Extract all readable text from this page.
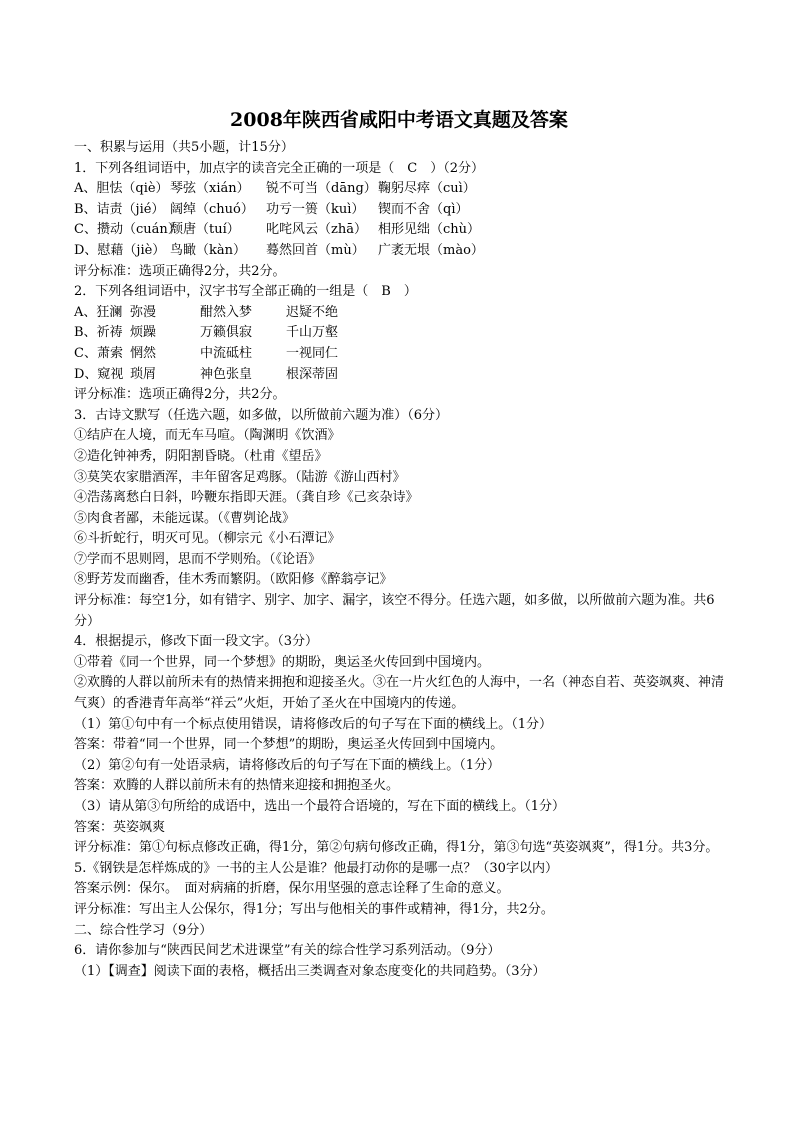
2008年陕西省咸阳中考语文真题及答案
一、积累与运用（共5小题，计15分）
1．下列各组词语中，加点字的读音完全正确的一项是（　C　）（2分）
A、胆怯（qiè）琴弦（xián） 锐不可当（dāng）鞠躬尽瘁（cuì）
B、诘责（jié） 阔绰（chuó） 功亏一篑（kuì） 锲而不舍（qì）
C、攒动（cuán）颓唐（tuí） 叱咤风云（zhā） 相形见绌（chù）
D、慰藉（jiè） 鸟瞰（kàn） 蓦然回首（mù） 广袤无垠（mào）
评分标准：选项正确得2分，共2分。
2．下列各组词语中，汉字书写全部正确的一组是（　B　）
A、狂澜 弥漫	酣然入梦	迟疑不绝
B、祈祷 烦躁	万籁俱寂	千山万壑
C、萧索 惘然	中流砥柱	一视同仁
D、窥视 琐屑	神色张皇	根深蒂固
评分标准：选项正确得2分，共2分。
3．古诗文默写（任选六题，如多做，以所做前六题为准）（6分）
①结庐在人境，而无车马喧。（陶渊明《饮酒》
②造化钟神秀，阴阳割昏晓。（杜甫《望岳》
③莫笑农家腊酒浑，丰年留客足鸡豚。（陆游《游山西村》
④浩荡离愁白日斜，吟鞭东指即天涯。（龚自珍《己亥杂诗》
⑤肉食者鄙，未能远谋。（《曹刿论战》
⑥斗折蛇行，明灭可见。（柳宗元《小石潭记》
⑦学而不思则罔，思而不学则殆。（《论语》
⑧野芳发而幽香，佳木秀而繁阴。（欧阳修《醉翁亭记》
评分标准：每空1分，如有错字、别字、加字、漏字，该空不得分。任选六题，如多做，以所做前六题为准。共6分）
4．根据提示，修改下面一段文字。（3分）
①带着《同一个世界，同一个梦想》的期盼，奥运圣火传回到中国境内。
②欢腾的人群以前所未有的热情来拥抱和迎接圣火。③在一片火红色的人海中，一名（神态自若、英姿飒爽、神清气爽）的香港青年高举“祥云”火炬，开始了圣火在中国境内的传递。
（1）第①句中有一个标点使用错误，请将修改后的句子写在下面的横线上。（1分）
答案：带着“同一个世界，同一个梦想”的期盼，奥运圣火传回到中国境内。
（2）第②句有一处语录病，请将修改后的句子写在下面的横线上。（1分）
答案：欢腾的人群以前所未有的热情来迎接和拥抱圣火。
（3）请从第③句所给的成语中，选出一个最符合语境的，写在下面的横线上。（1分）
答案：英姿飒爽
评分标准：第①句标点修改正确，得1分，第②句病句修改正确，得1分，第③句选“英姿飒爽”，得1分。共3分。
5.《钢铁是怎样炼成的》一书的主人公是谁？他最打动你的是哪一点？（30字以内）
答案示例：保尔。　面对病痛的折磨，保尔用坚强的意志诠释了生命的意义。
评分标准：写出主人公保尔，得1分；写出与他相关的事件或精神，得1分，共2分。
二、综合性学习（9分）
6．请你参加与“陕西民间艺术进课堂”有关的综合性学习系列活动。（9分）
（1）【调查】阅读下面的表格，概括出三类调查对象态度变化的共同趋势。（3分）
